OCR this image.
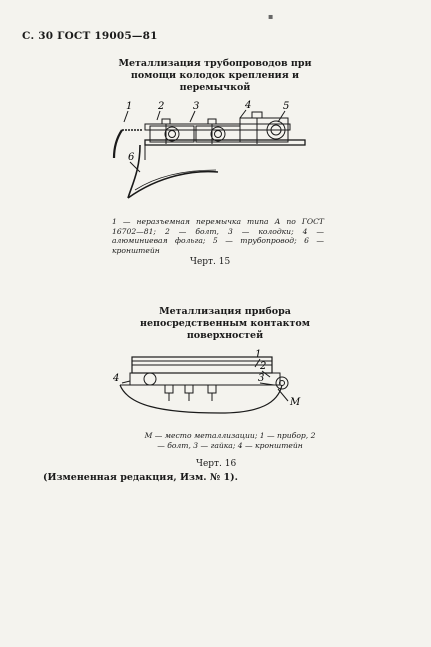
▪
С. 30 ГОСТ 19005—81
Металлизация трубопроводов при помощи колодок крепления и перемычкой
1	2	3	4	5
6
1 — неразъемная перемычка типа А по ГОСТ 16702—81; 2 — болт, 3 — колодки; 4 — алюминиевая фольга; 5 — трубопровод; 6 — кронштейн
Черт. 15
Металлизация прибора непосредственным контактом поверхностей
1
2
3
4
М
М — место металлизации; 1 — прибор, 2 — болт, 3 — гайка; 4 — кронштейн
Черт. 16
(Измененная редакция, Изм. № 1).
